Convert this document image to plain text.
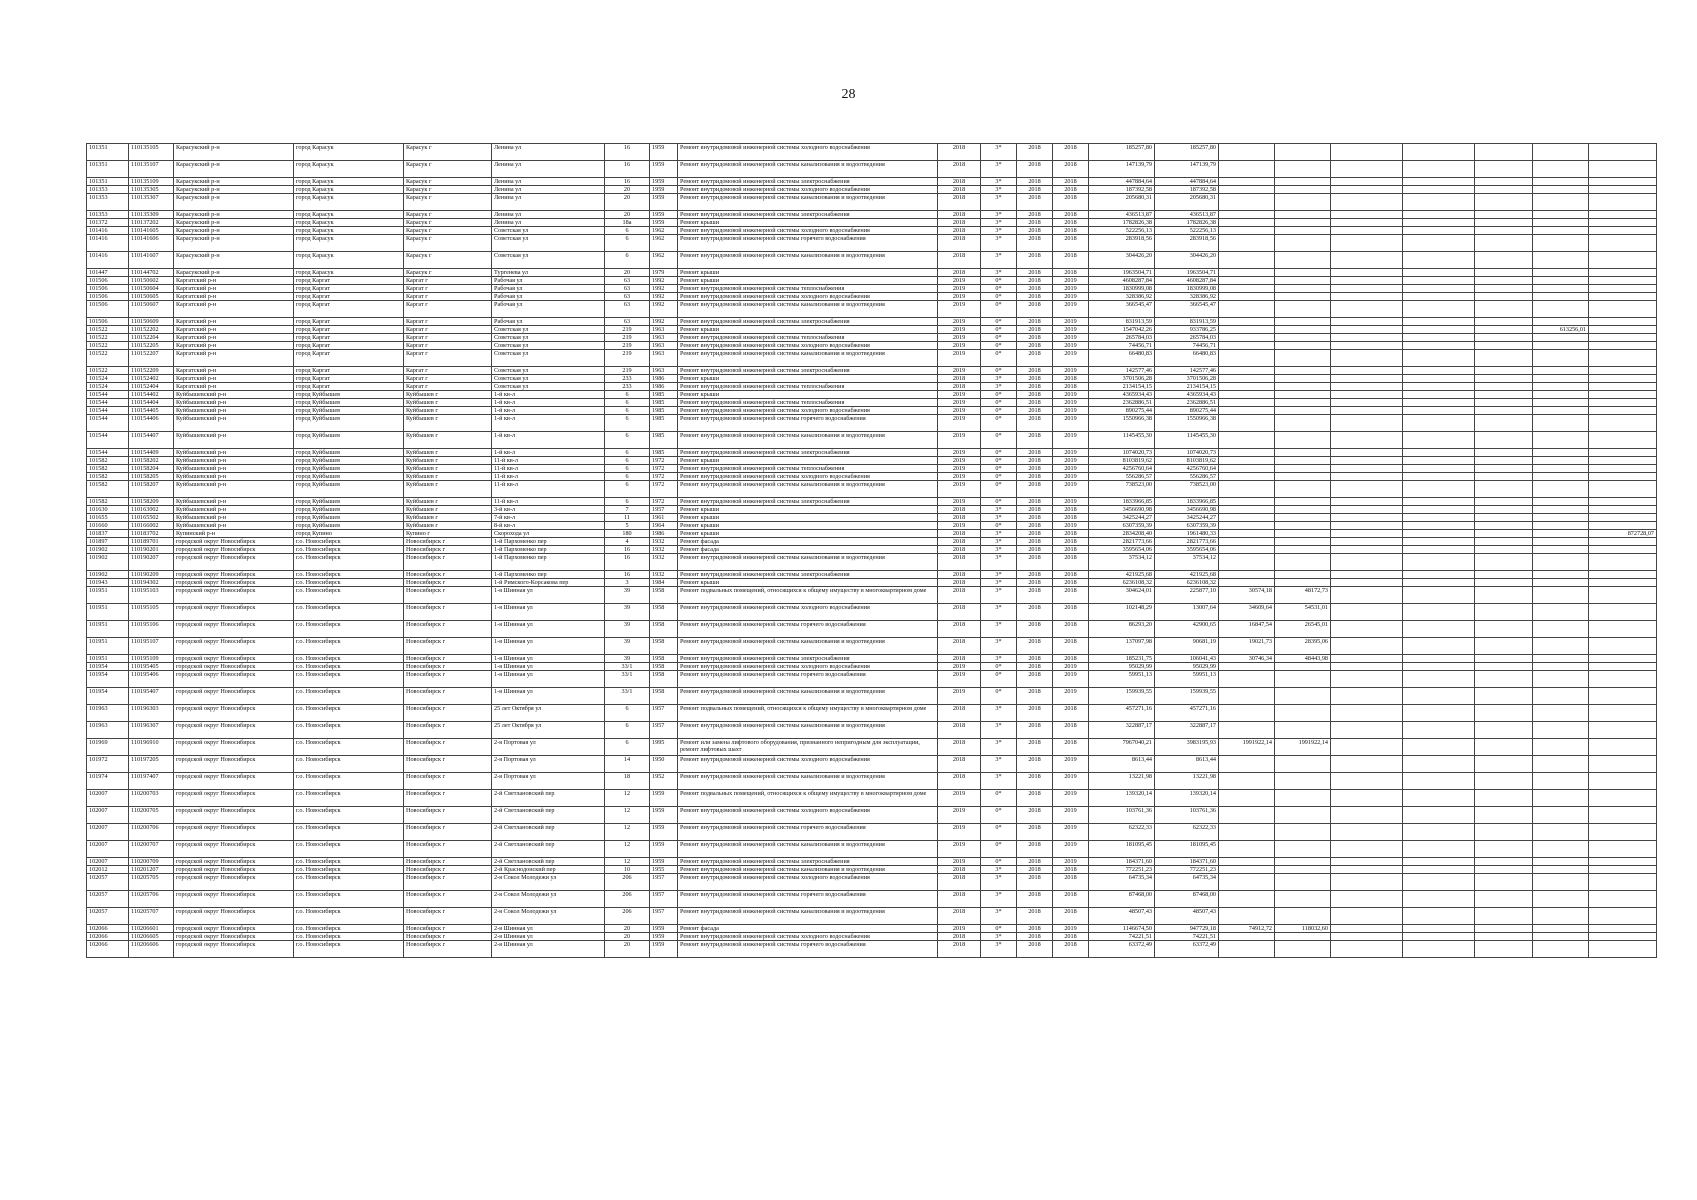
28
101351	110135105	Карасукский р-н	город Карасук	Карасук г	Ленина ул	16	1959	Ремонт внутридомовой инженерной системы холодного водоснабжения	2018	3*	2018	2018	185257,80	185257,80							
101351	110135107	Карасукский р-н	город Карасук	Карасук г	Ленина ул	16	1959	Ремонт внутридомовой инженерной системы канализования и водоотведения	2018	3*	2018	2018	147139,79	147139,79							
101351	110135109	Карасукский р-н	город Карасук	Карасук г	Ленина ул	16	1959	Ремонт внутридомовой инженерной системы электроснабжения	2018	3*	2018	2018	447884,64	447884,64							
101353	110135305	Карасукский р-н	город Карасук	Карасук г	Ленина ул	20	1959	Ремонт внутридомовой инженерной системы холодного водоснабжения	2018	3*	2018	2018	187392,58	187392,58							
101353	110135307	Карасукский р-н	город Карасук	Карасук г	Ленина ул	20	1959	Ремонт внутридомовой инженерной системы канализования и водоотведения	2018	3*	2018	2018	205680,31	205680,31							
101353	110135309	Карасукский р-н	город Карасук	Карасук г	Ленина ул	20	1959	Ремонт внутридомовой инженерной системы электроснабжения	2018	3*	2018	2018	436513,87	436513,87							
101372	110137202	Карасукский р-н	город Карасук	Карасук г	Ленина ул	18а	1959	Ремонт крыши	2018	3*	2018	2018	1782826,38	1782826,38							
101416	110141605	Карасукский р-н	город Карасук	Карасук г	Советская ул	6	1962	Ремонт внутридомовой инженерной системы холодного водоснабжения	2018	3*	2018	2018	522256,13	522256,13							
101416	110141606	Карасукский р-н	город Карасук	Карасук г	Советская ул	6	1962	Ремонт внутридомовой инженерной системы горячего водоснабжения	2018	3*	2018	2018	283918,56	283918,56							
101416	110141607	Карасукский р-н	город Карасук	Карасук г	Советская ул	6	1962	Ремонт внутридомовой инженерной системы канализования и водоотведения	2018	3*	2018	2018	304426,20	304426,20							
101447	110144702	Карасукский р-н	город Карасук	Карасук г	Тургенева ул	20	1979	Ремонт крыши	2018	3*	2018	2018	1963504,71	1963504,71							
101506	110150602	Каргатский р-н	город Каргат	Каргат г	Рабочая ул	63	1992	Ремонт крыши	2019	0*	2018	2019	4608287,84	4608287,84							
101506	110150604	Каргатский р-н	город Каргат	Каргат г	Рабочая ул	63	1992	Ремонт внутридомовой инженерной системы теплоснабжения	2019	0*	2018	2019	1830999,08	1830999,08							
101506	110150605	Каргатский р-н	город Каргат	Каргат г	Рабочая ул	63	1992	Ремонт внутридомовой инженерной системы холодного водоснабжения	2019	0*	2018	2019	328386,92	328386,92							
101506	110150607	Каргатский р-н	город Каргат	Каргат г	Рабочая ул	63	1992	Ремонт внутридомовой инженерной системы канализования и водоотведения	2019	0*	2018	2019	366545,47	366545,47							
101506	110150609	Каргатский р-н	город Каргат	Каргат г	Рабочая ул	63	1992	Ремонт внутридомовой инженерной системы электроснабжения	2019	0*	2018	2019	831913,59	831913,59							
101522	110152202	Каргатский р-н	город Каргат	Каргат г	Советская ул	219	1963	Ремонт крыши	2019	0*	2018	2019	1547042,26	933786,25						613256,01	
101522	110152204	Каргатский р-н	город Каргат	Каргат г	Советская ул	219	1963	Ремонт внутридомовой инженерной системы теплоснабжения	2019	0*	2018	2019	265784,03	265784,03							
101522	110152205	Каргатский р-н	город Каргат	Каргат г	Советская ул	219	1963	Ремонт внутридомовой инженерной системы холодного водоснабжения	2019	0*	2018	2019	74456,71	74456,71							
101522	110152207	Каргатский р-н	город Каргат	Каргат г	Советская ул	219	1963	Ремонт внутридомовой инженерной системы канализования и водоотведения	2019	0*	2018	2019	66480,83	66480,83							
101522	110152209	Каргатский р-н	город Каргат	Каргат г	Советская ул	219	1963	Ремонт внутридомовой инженерной системы электроснабжения	2019	0*	2018	2019	142577,46	142577,46							
101524	110152402	Каргатский р-н	город Каргат	Каргат г	Советская ул	233	1986	Ремонт крыши	2018	3*	2018	2018	3701506,28	3701506,28							
101524	110152404	Каргатский р-н	город Каргат	Каргат г	Советская ул	233	1986	Ремонт внутридомовой инженерной системы теплоснабжения	2018	3*	2018	2018	2134154,15	2134154,15							
101544	110154402	Куйбышевский р-н	город Куйбышев	Куйбышев г	1-й кв-л	6	1985	Ремонт крыши	2019	0*	2018	2019	4365934,43	4365934,43							
101544	110154404	Куйбышевский р-н	город Куйбышев	Куйбышев г	1-й кв-л	6	1985	Ремонт внутридомовой инженерной системы теплоснабжения	2019	0*	2018	2019	2362886,51	2362886,51							
101544	110154405	Куйбышевский р-н	город Куйбышев	Куйбышев г	1-й кв-л	6	1985	Ремонт внутридомовой инженерной системы холодного водоснабжения	2019	0*	2018	2019	890275,44	890275,44							
101544	110154406	Куйбышевский р-н	город Куйбышев	Куйбышев г	1-й кв-л	6	1985	Ремонт внутридомовой инженерной системы горячего водоснабжения	2019	0*	2018	2019	1550966,38	1550966,38							
101544	110154407	Куйбышевский р-н	город Куйбышев	Куйбышев г	1-й кв-л	6	1985	Ремонт внутридомовой инженерной системы канализования и водоотведения	2019	0*	2018	2019	1145455,30	1145455,30							
101544	110154409	Куйбышевский р-н	город Куйбышев	Куйбышев г	1-й кв-л	6	1985	Ремонт внутридомовой инженерной системы электроснабжения	2019	0*	2018	2019	1074020,73	1074020,73							
101582	110158202	Куйбышевский р-н	город Куйбышев	Куйбышев г	11-й кв-л	6	1972	Ремонт крыши	2019	0*	2018	2019	8103819,62	8103819,62							
101582	110158204	Куйбышевский р-н	город Куйбышев	Куйбышев г	11-й кв-л	6	1972	Ремонт внутридомовой инженерной системы теплоснабжения	2019	0*	2018	2019	4256760,64	4256760,64							
101582	110158205	Куйбышевский р-н	город Куйбышев	Куйбышев г	11-й кв-л	6	1972	Ремонт внутридомовой инженерной системы холодного водоснабжения	2019	0*	2018	2019	556286,57	556286,57							
101582	110158207	Куйбышевский р-н	город Куйбышев	Куйбышев г	11-й кв-л	6	1972	Ремонт внутридомовой инженерной системы канализования и водоотведения	2019	0*	2018	2019	738523,00	738523,00							
101582	110158209	Куйбышевский р-н	город Куйбышев	Куйбышев г	11-й кв-л	6	1972	Ремонт внутридомовой инженерной системы электроснабжения	2019	0*	2018	2019	1833966,85	1833966,85							
101630	110163002	Куйбышевский р-н	город Куйбышев	Куйбышев г	3-й кв-л	7	1957	Ремонт крыши	2018	3*	2018	2018	3456690,98	3456690,98							
101655	110165502	Куйбышевский р-н	город Куйбышев	Куйбышев г	7-й кв-л	11	1961	Ремонт крыши	2018	3*	2018	2018	3425244,27	3425244,27							
101660	110166002	Куйбышевский р-н	город Куйбышев	Куйбышев г	8-й кв-л	5	1964	Ремонт крыши	2019	0*	2018	2019	6307359,39	6307359,39							
101837	110183702	Купинский р-н	город Купино	Купино г	Скорохода ул	180	1986	Ремонт крыши	2018	3*	2018	2018	2834208,40	1961480,33							872728,07
101897	110189701	городской округ Новосибирск	г.о. Новосибирск	Новосибирск г	1-й Пархоменко пер	4	1932	Ремонт фасада	2018	3*	2018	2018	2821773,66	2821773,66							
101902	110190201	городской округ Новосибирск	г.о. Новосибирск	Новосибирск г	1-й Пархоменко пер	16	1932	Ремонт фасада	2018	3*	2018	2018	3595654,06	3595654,06							
101902	110190207	городской округ Новосибирск	г.о. Новосибирск	Новосибирск г	1-й Пархоменко пер	16	1932	Ремонт внутридомовой инженерной системы канализования и водоотведения	2018	3*	2018	2018	37534,12	37534,12							
101902	110190209	городской округ Новосибирск	г.о. Новосибирск	Новосибирск г	1-й Пархоменко пер	16	1932	Ремонт внутридомовой инженерной системы электроснабжения	2018	3*	2018	2018	421925,68	421925,68							
101943	110194302	городской округ Новосибирск	г.о. Новосибирск	Новосибирск г	1-й Римского-Корсакова пер	3	1984	Ремонт крыши	2018	3*	2018	2018	6236108,32	6236108,32							
101951	110195103	городской округ Новосибирск	г.о. Новосибирск	Новосибирск г	1-я Шинная ул	39	1958	Ремонт подвальных помещений, относящихся к общему имуществу в многоквартирном доме	2018	3*	2018	2018	304624,01	225877,10	30574,18	48172,73					
101951	110195105	городской округ Новосибирск	г.о. Новосибирск	Новосибирск г	1-я Шинная ул	39	1958	Ремонт внутридомовой инженерной системы холодного водоснабжения	2018	3*	2018	2018	102148,29	13007,64	34609,64	54531,01					
101951	110195106	городской округ Новосибирск	г.о. Новосибирск	Новосибирск г	1-я Шинная ул	39	1958	Ремонт внутридомовой инженерной системы горячего водоснабжения	2018	3*	2018	2018	86293,20	42900,65	16847,54	26545,01					
101951	110195107	городской округ Новосибирск	г.о. Новосибирск	Новосибирск г	1-я Шинная ул	39	1958	Ремонт внутридомовой инженерной системы канализования и водоотведения	2018	3*	2018	2018	137097,98	90681,19	19021,73	28395,06					
101951	110195109	городской округ Новосибирск	г.о. Новосибирск	Новосибирск г	1-я Шинная ул	39	1958	Ремонт внутридомовой инженерной системы электроснабжения	2018	3*	2018	2018	185231,75	106041,43	30746,34	48443,98					
101954	110195405	городской округ Новосибирск	г.о. Новосибирск	Новосибирск г	1-я Шинная ул	33/1	1958	Ремонт внутридомовой инженерной системы холодного водоснабжения	2019	0*	2018	2019	95029,99	95029,99							
101954	110195406	городской округ Новосибирск	г.о. Новосибирск	Новосибирск г	1-я Шинная ул	33/1	1958	Ремонт внутридомовой инженерной системы горячего водоснабжения	2019	0*	2018	2019	59951,13	59951,13							
101954	110195407	городской округ Новосибирск	г.о. Новосибирск	Новосибирск г	1-я Шинная ул	33/1	1958	Ремонт внутридомовой инженерной системы канализования и водоотведения	2019	0*	2018	2019	159939,55	159939,55							
101963	110196303	городской округ Новосибирск	г.о. Новосибирск	Новосибирск г	25 лет Октября ул	6	1957	Ремонт подвальных помещений, относящихся к общему имуществу в многоквартирном доме	2018	3*	2018	2018	457271,16	457271,16							
101963	110196307	городской округ Новосибирск	г.о. Новосибирск	Новосибирск г	25 лет Октября ул	6	1957	Ремонт внутридомовой инженерной системы канализования и водоотведения	2018	3*	2018	2018	322887,17	322887,17							
101969	110196910	городской округ Новосибирск	г.о. Новосибирск	Новосибирск г	2-я Портовая ул	6	1995	Ремонт или замена лифтового оборудования, признанного непригодным для эксплуатации, ремонт лифтовых шахт	2018	3*	2018	2018	7967040,21	3983195,93	1991922,14	1991922,14					
101972	110197205	городской округ Новосибирск	г.о. Новосибирск	Новосибирск г	2-я Портовая ул	14	1950	Ремонт внутридомовой инженерной системы холодного водоснабжения	2018	3*	2018	2019	8613,44	8613,44							
101974	110197407	городской округ Новосибирск	г.о. Новосибирск	Новосибирск г	2-я Портовая ул	18	1952	Ремонт внутридомовой инженерной системы канализования и водоотведения	2018	3*	2018	2019	13221,98	13221,98							
102007	110200703	городской округ Новосибирск	г.о. Новосибирск	Новосибирск г	2-й Светлановский пер	12	1959	Ремонт подвальных помещений, относящихся к общему имуществу в многоквартирном доме	2019	0*	2018	2019	139320,14	139320,14							
102007	110200705	городской округ Новосибирск	г.о. Новосибирск	Новосибирск г	2-й Светлановский пер	12	1959	Ремонт внутридомовой инженерной системы холодного водоснабжения	2019	0*	2018	2019	103761,36	103761,36							
102007	110200706	городской округ Новосибирск	г.о. Новосибирск	Новосибирск г	2-й Светлановский пер	12	1959	Ремонт внутридомовой инженерной системы горячего водоснабжения	2019	0*	2018	2019	62322,33	62322,33							
102007	110200707	городской округ Новосибирск	г.о. Новосибирск	Новосибирск г	2-й Светлановский пер	12	1959	Ремонт внутридомовой инженерной системы канализования и водоотведения	2019	0*	2018	2019	181095,45	181095,45							
102007	110200709	городской округ Новосибирск	г.о. Новосибирск	Новосибирск г	2-й Светлановский пер	12	1959	Ремонт внутридомовой инженерной системы электроснабжения	2019	0*	2018	2019	184371,60	184371,60							
102012	110201207	городской округ Новосибирск	г.о. Новосибирск	Новосибирск г	2-й Краснодонский пер	10	1955	Ремонт внутридомовой инженерной системы канализования и водоотведения	2018	3*	2018	2018	772251,23	772251,23							
102057	110205705	городской округ Новосибирск	г.о. Новосибирск	Новосибирск г	2-я Сокол Молодежи ул	206	1957	Ремонт внутридомовой инженерной системы холодного водоснабжения	2018	3*	2018	2018	64735,34	64735,34							
102057	110205706	городской округ Новосибирск	г.о. Новосибирск	Новосибирск г	2-я Сокол Молодежи ул	206	1957	Ремонт внутридомовой инженерной системы горячего водоснабжения	2018	3*	2018	2018	87468,00	87468,00							
102057	110205707	городской округ Новосибирск	г.о. Новосибирск	Новосибирск г	2-я Сокол Молодежи ул	206	1957	Ремонт внутридомовой инженерной системы канализования и водоотведения	2018	3*	2018	2018	48507,43	48507,43							
102066	110206601	городской округ Новосибирск	г.о. Новосибирск	Новосибирск г	2-я Шинная ул	20	1959	Ремонт фасада	2019	0*	2018	2019	1146674,50	947729,18	74912,72	118032,60					
102066	110206605	городской округ Новосибирск	г.о. Новосибирск	Новосибирск г	2-я Шинная ул	20	1959	Ремонт внутридомовой инженерной системы холодного водоснабжения	2018	3*	2018	2018	74221,51	74221,51							
102066	110206606	городской округ Новосибирск	г.о. Новосибирск	Новосибирск г	2-я Шинная ул	20	1959	Ремонт внутридомовой инженерной системы горячего водоснабжения	2018	3*	2018	2018	63372,49	63372,49							
